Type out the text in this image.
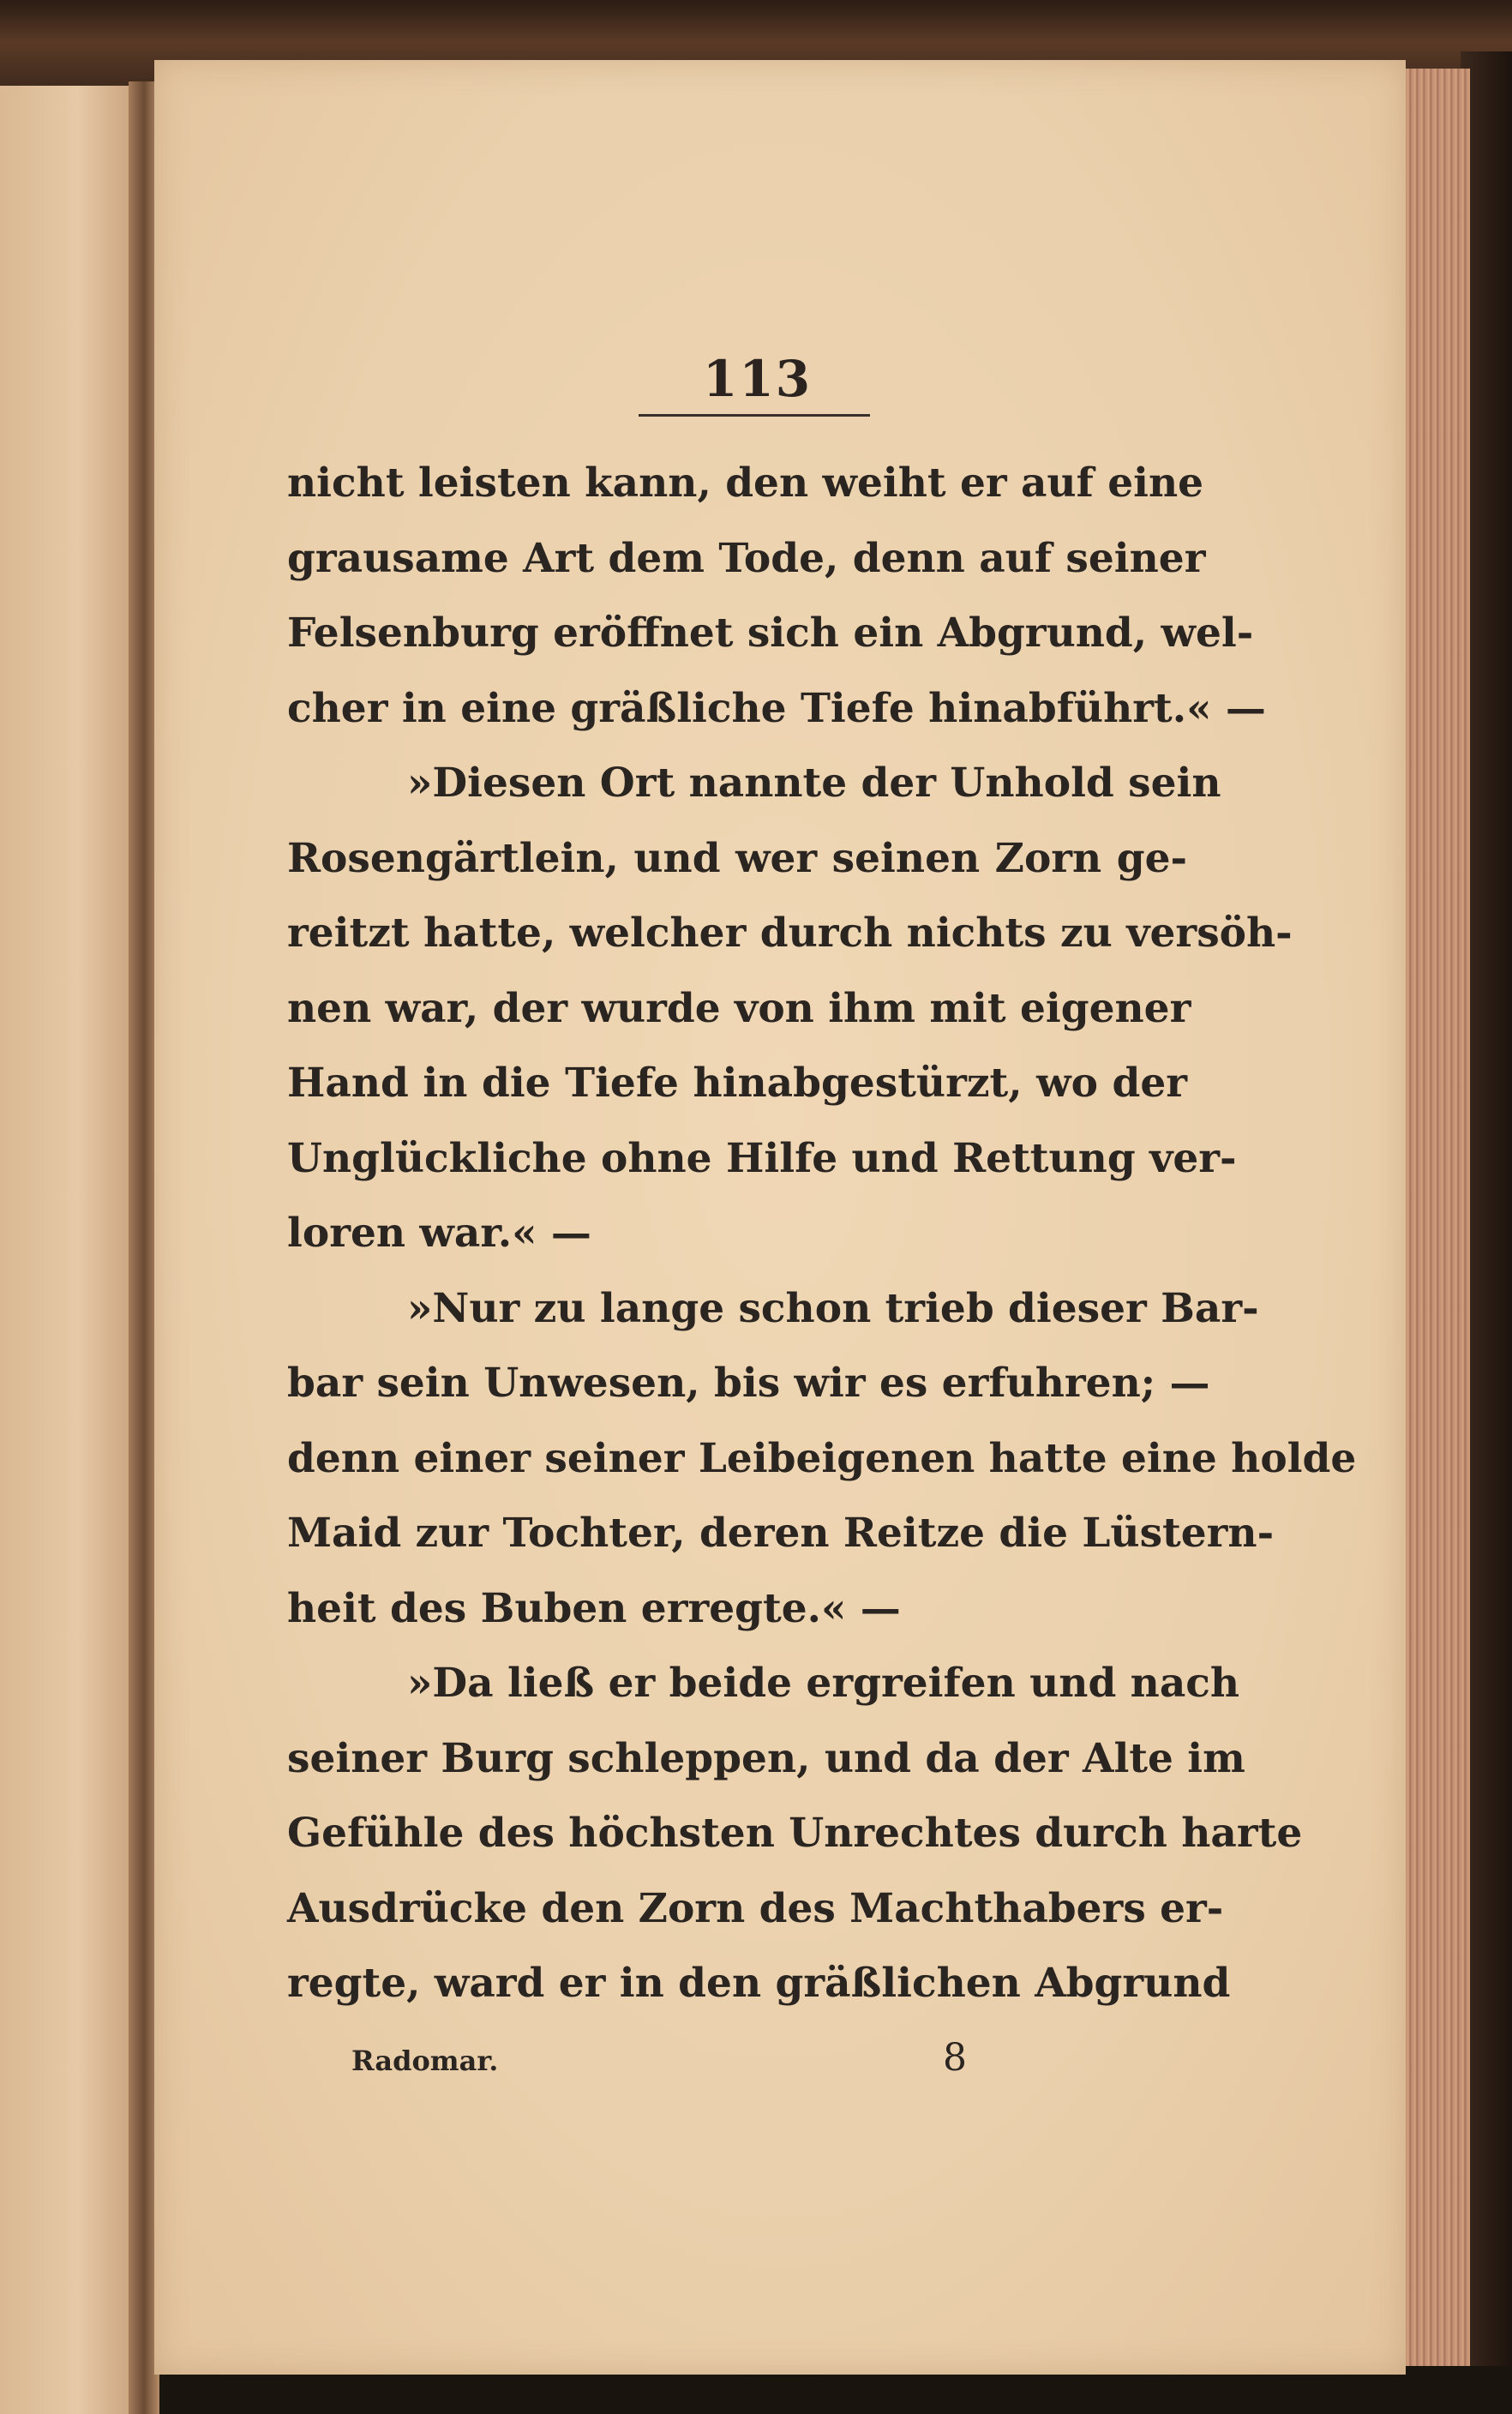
113
nicht leisten kann, den weiht er auf eine
grausame Art dem Tode, denn auf seiner
Felsenburg eröffnet sich ein Abgrund, wel-
cher in eine gräßliche Tiefe hinabführt.« —
»Diesen Ort nannte der Unhold sein
Rosengärtlein, und wer seinen Zorn ge-
reitzt hatte, welcher durch nichts zu versöh-
nen war, der wurde von ihm mit eigener
Hand in die Tiefe hinabgestürzt, wo der
Unglückliche ohne Hilfe und Rettung ver-
loren war.« —
»Nur zu lange schon trieb dieser Bar-
bar sein Unwesen, bis wir es erfuhren; —
denn einer seiner Leibeigenen hatte eine holde
Maid zur Tochter, deren Reitze die Lüstern-
heit des Buben erregte.« —
»Da ließ er beide ergreifen und nach
seiner Burg schleppen, und da der Alte im
Gefühle des höchsten Unrechtes durch harte
Ausdrücke den Zorn des Machthabers er-
regte, ward er in den gräßlichen Abgrund
Radomar.	8
